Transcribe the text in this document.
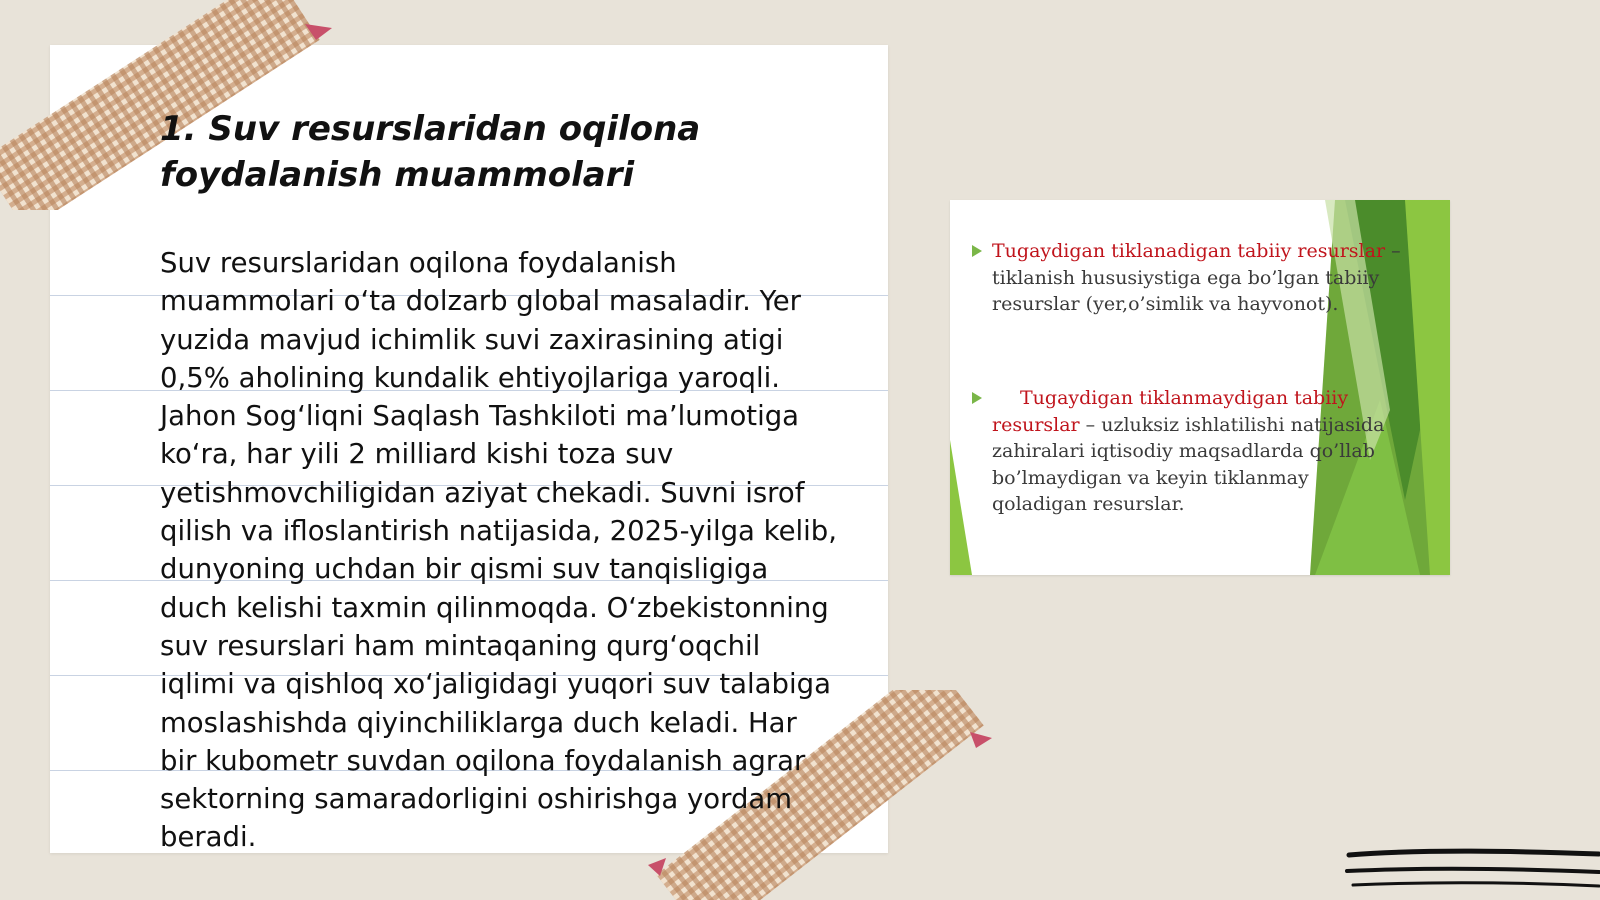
1. Suv resurslaridan oqilona foydalanish muammolari

Suv resurslaridan oqilona foydalanish muammolari o‘ta dolzarb global masaladir. Yer yuzida mavjud ichimlik suvi zaxirasining atigi 0,5% aholining kundalik ehtiyojlariga yaroqli. Jahon Sog‘liqni Saqlash Tashkiloti ma’lumotiga ko‘ra, har yili 2 milliard kishi toza suv yetishmovchiligidan aziyat chekadi. Suvni isrof qilish va ifloslantirish natijasida, 2025-yilga kelib, dunyoning uchdan bir qismi suv tanqisligiga duch kelishi taxmin qilinmoqda. O‘zbekistonning suv resurslari ham mintaqaning qurg‘oqchil iqlimi va qishloq xo‘jaligidagi yuqori suv talabiga moslashishda qiyinchiliklarga duch keladi. Har bir kubometr suvdan oqilona foydalanish agrar sektorning samaradorligini oshirishga yordam beradi.

Tugaydigan tiklanadigan tabiiy resurslar – tiklanish hususiystiga ega bo’lgan tabiiy resurslar (yer,o’simlik va hayvonot).
Tugaydigan tiklanmaydigan tabiiy resurslar – uzluksiz ishlatilishi natijasida zahiralari iqtisodiy maqsadlarda qo’llab bo’lmaydigan va keyin tiklanmay qoladigan resurslar.
